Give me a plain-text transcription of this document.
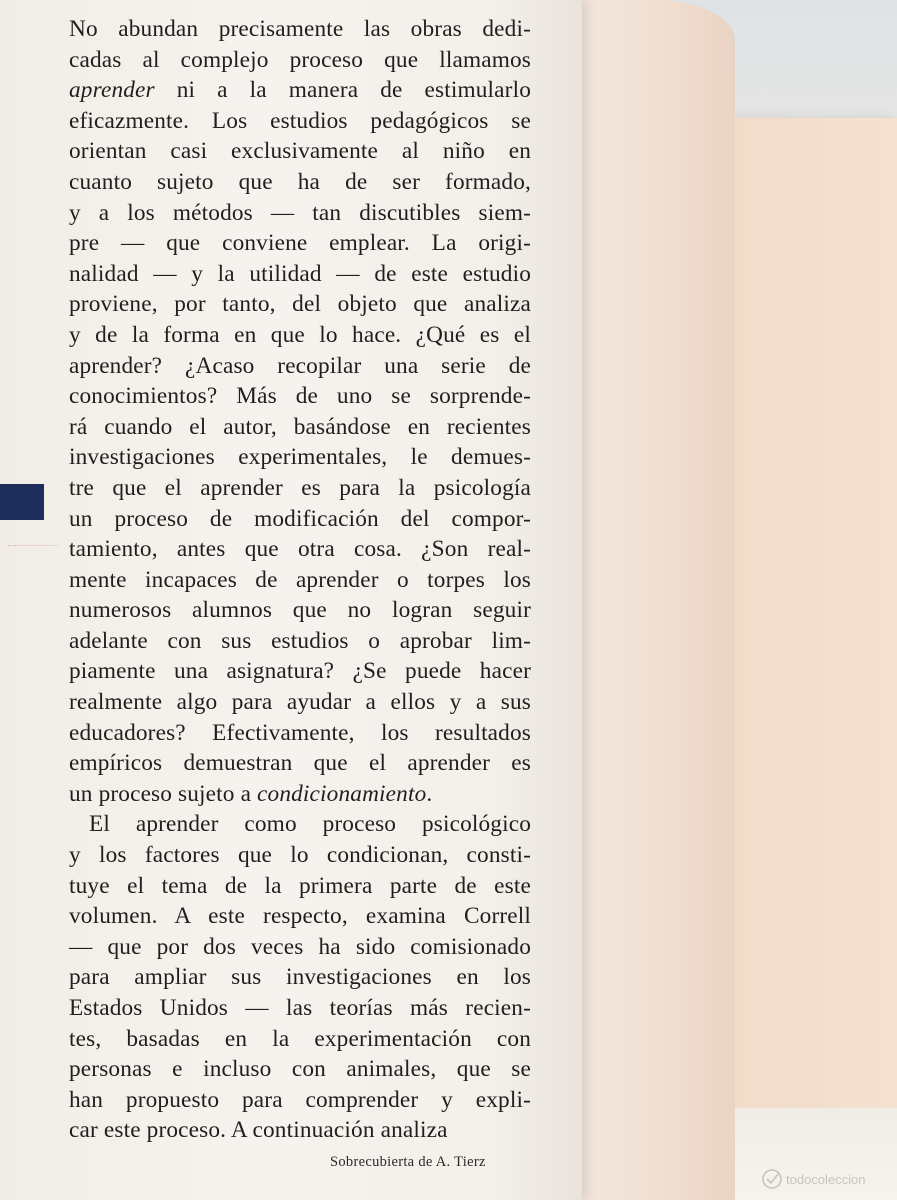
No abundan precisamente las obras dedi-
cadas al complejo proceso que llamamos
aprender ni a la manera de estimularlo
eficazmente. Los estudios pedagógicos se
orientan casi exclusivamente al niño en
cuanto sujeto que ha de ser formado,
y a los métodos — tan discutibles siem-
pre — que conviene emplear. La origi-
nalidad — y la utilidad — de este estudio
proviene, por tanto, del objeto que analiza
y de la forma en que lo hace. ¿Qué es el
aprender? ¿Acaso recopilar una serie de
conocimientos? Más de uno se sorprende-
rá cuando el autor, basándose en recientes
investigaciones experimentales, le demues-
tre que el aprender es para la psicología
un proceso de modificación del compor-
tamiento, antes que otra cosa. ¿Son real-
mente incapaces de aprender o torpes los
numerosos alumnos que no logran seguir
adelante con sus estudios o aprobar lim-
piamente una asignatura? ¿Se puede hacer
realmente algo para ayudar a ellos y a sus
educadores? Efectivamente, los resultados
empíricos demuestran que el aprender es
un proceso sujeto a condicionamiento.
El aprender como proceso psicológico
y los factores que lo condicionan, consti-
tuye el tema de la primera parte de este
volumen. A este respecto, examina Correll
— que por dos veces ha sido comisionado
para ampliar sus investigaciones en los
Estados Unidos — las teorías más recien-
tes, basadas en la experimentación con
personas e incluso con animales, que se
han propuesto para comprender y expli-
car este proceso. A continuación analiza
Sobrecubierta de A. Tierz
todocoleccion
